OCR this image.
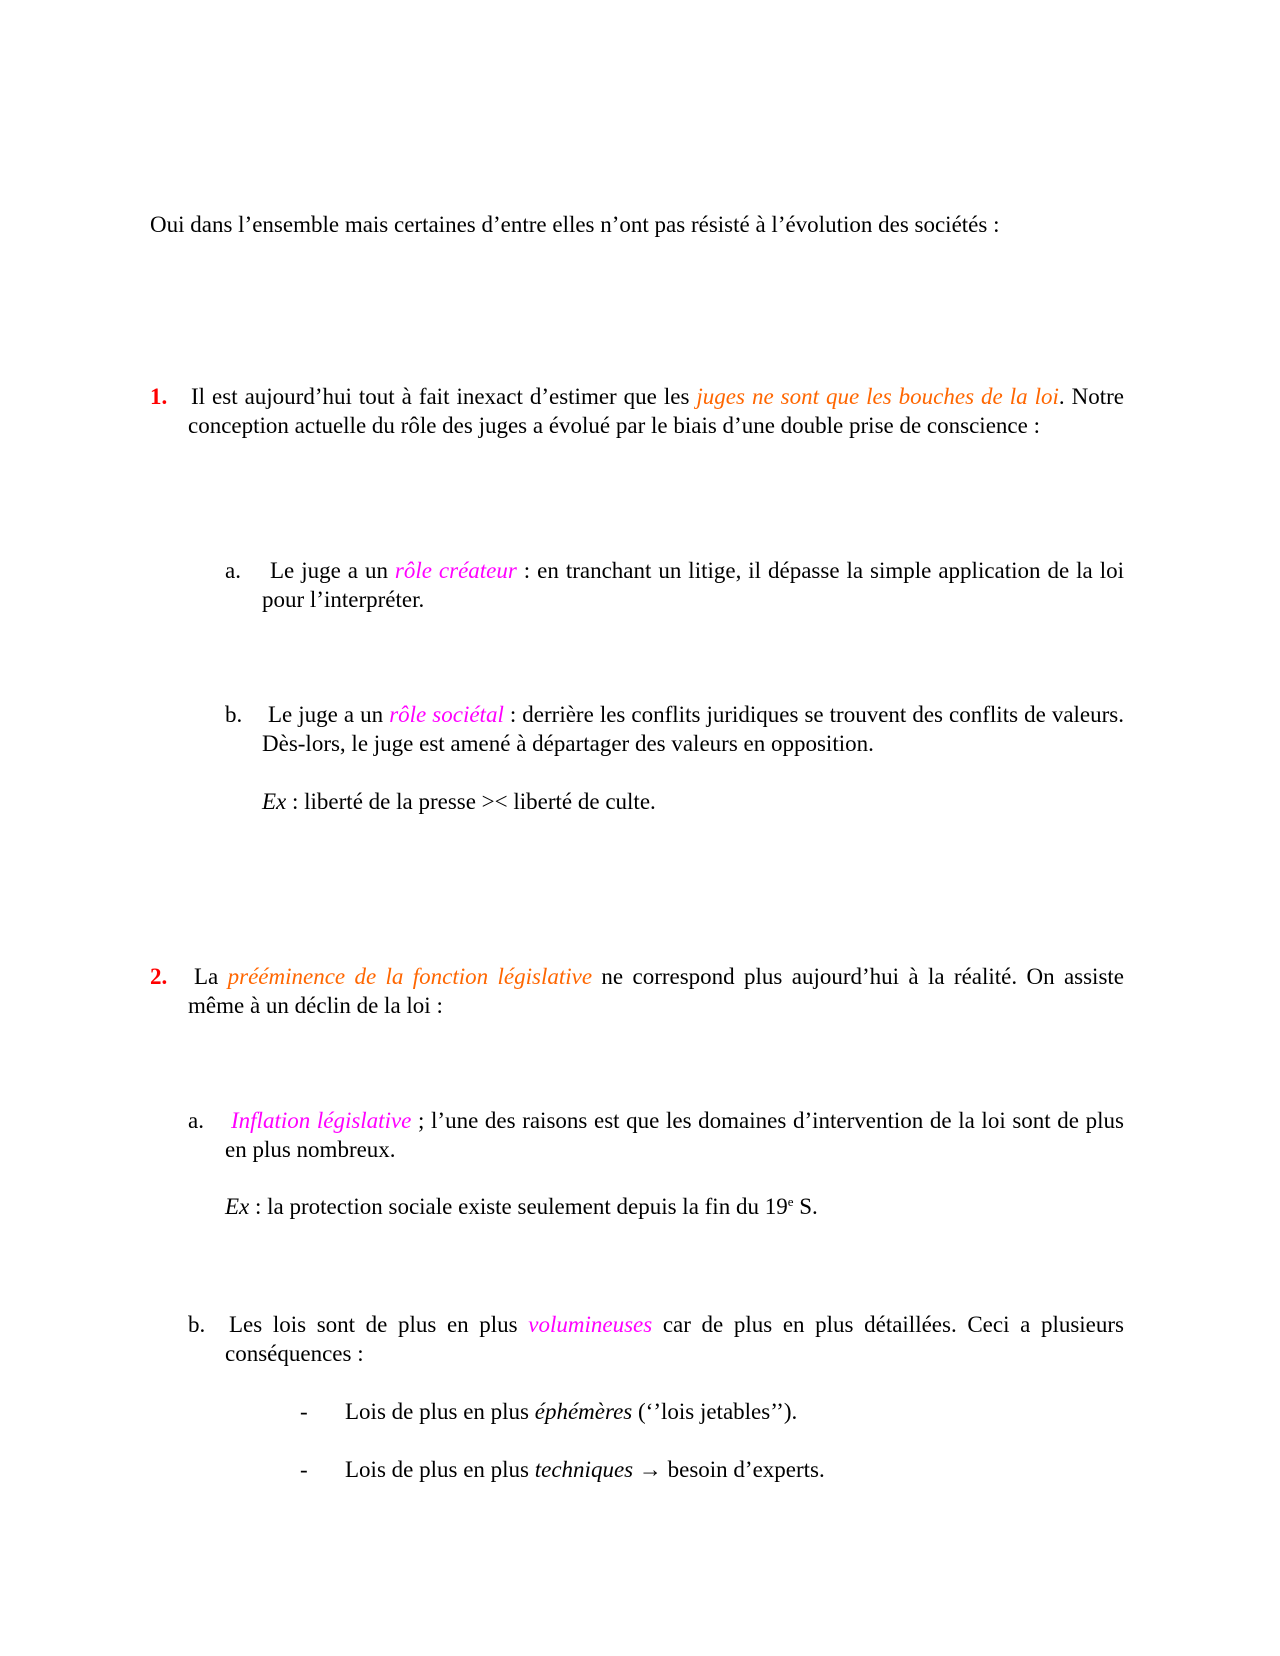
Oui dans l’ensemble mais certaines d’entre elles n’ont pas résisté à l’évolution des sociétés :

1. Il est aujourd’hui tout à fait inexact d’estimer que les juges ne sont que les bouches de la loi. Notre conception actuelle du rôle des juges a évolué par le biais d’une double prise de conscience :

a.	Le juge a un rôle créateur : en tranchant un litige, il dépasse la simple application de la loi pour l’interpréter.

b. Le juge a un rôle sociétal : derrière les conflits juridiques se trouvent des conflits de valeurs. Dès-lors, le juge est amené à départager des valeurs en opposition.

Ex : liberté de la presse >< liberté de culte.

2. La prééminence de la fonction législative ne correspond plus aujourd’hui à la réalité. On assiste même à un déclin de la loi :

a. Inflation législative ; l’une des raisons est que les domaines d’intervention de la loi sont de plus en plus nombreux.

Ex : la protection sociale existe seulement depuis la fin du 19e S.

b. Les lois sont de plus en plus volumineuses car de plus en plus détaillées. Ceci a plusieurs conséquences :

- Lois de plus en plus éphémères (‘’lois jetables’’).

- Lois de plus en plus techniques → besoin d’experts.
